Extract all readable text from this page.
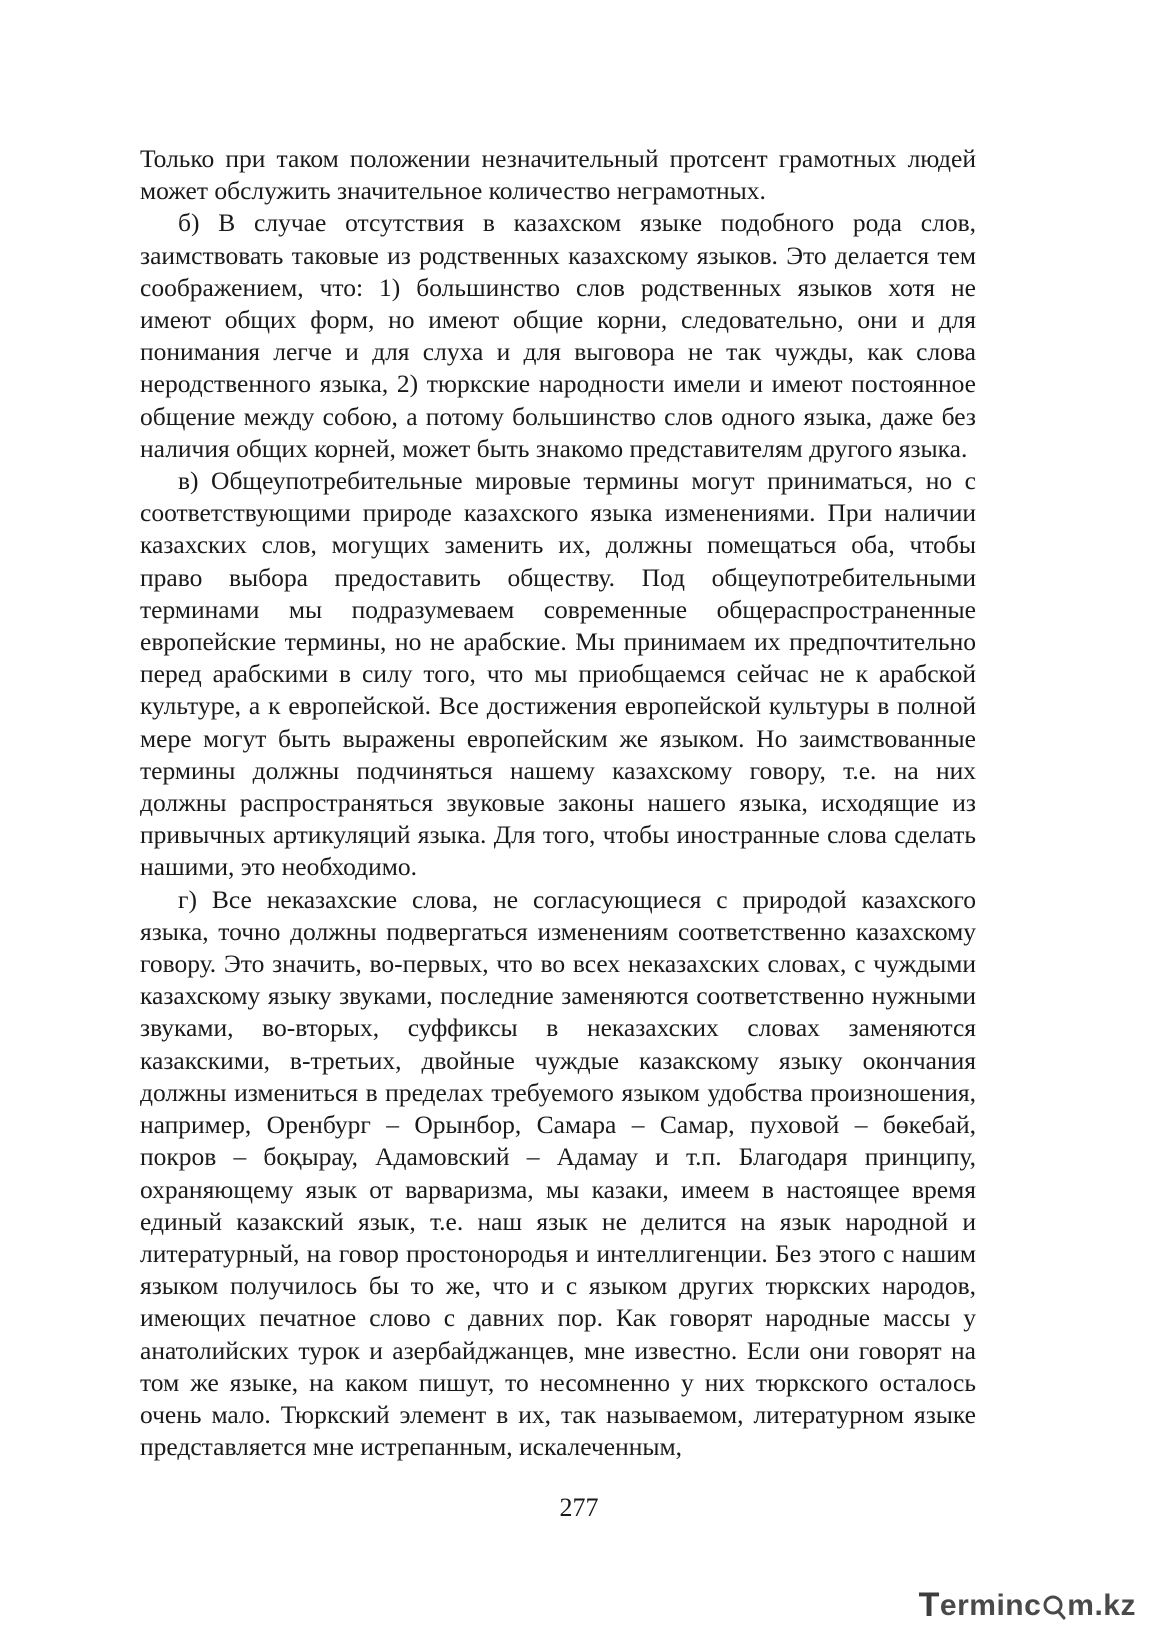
Только при таком положении незначительный протсент грамотных людей может обслужить значительное количество неграмотных.

б) В случае отсутствия в казахском языке подобного рода слов, заимствовать таковые из родственных казахскому языков. Это делается тем соображением, что: 1) большинство слов родственных языков хотя не имеют общих форм, но имеют общие корни, следовательно, они и для понимания легче и для слуха и для выговора не так чужды, как слова неродственного языка, 2) тюркские народности имели и имеют постоянное общение между собою, а потому большинство слов одного языка, даже без наличия общих корней, может быть знакомо представителям другого языка.

в) Общеупотребительные мировые термины могут приниматься, но с соответствующими природе казахского языка изменениями. При наличии казахских слов, могущих заменить их, должны помещаться оба, чтобы право выбора предоставить обществу. Под общеупотребительными терминами мы подразумеваем современные общераспространенные европейские термины, но не арабские. Мы принимаем их предпочтительно перед арабскими в силу того, что мы приобщаемся сейчас не к арабской культуре, а к европейской. Все достижения европейской культуры в полной мере могут быть выражены европейским же языком. Но заимствованные термины должны подчиняться нашему казахскому говору, т.е. на них должны распространяться звуковые законы нашего языка, исходящие из привычных артикуляций языка. Для того, чтобы иностранные слова сделать нашими, это необходимо.

г) Все неказахские слова, не согласующиеся с природой казахского языка, точно должны подвергаться изменениям соответственно казахскому говору. Это значить, во-первых, что во всех неказахских словах, с чуждыми казахскому языку звуками, последние заменяются соответственно нужными звуками, во-вторых, суффиксы в неказахских словах заменяются казакскими, в-третьих, двойные чуждые казакскому языку окончания должны измениться в пределах требуемого языком удобства произношения, например, Оренбург – Орынбор, Самара – Самар, пуховой – бөкебай, покров – боқырау, Адамовский – Адамау и т.п. Благодаря принципу, охраняющему язык от варваризма, мы казаки, имеем в настоящее время единый казакский язык, т.е. наш язык не делится на язык народной и литературный, на говор простонородья и интеллигенции. Без этого с нашим языком получилось бы то же, что и с языком других тюркских народов, имеющих печатное слово с давних пор. Как говорят народные массы у анатолийских турок и азербайджанцев, мне известно. Если они говорят на том же языке, на каком пишут, то несомненно у них тюркского осталось очень мало. Тюркский элемент в их, так называемом, литературном языке представляется мне истрепанным, искалеченным,

277
T erminc m.kz
